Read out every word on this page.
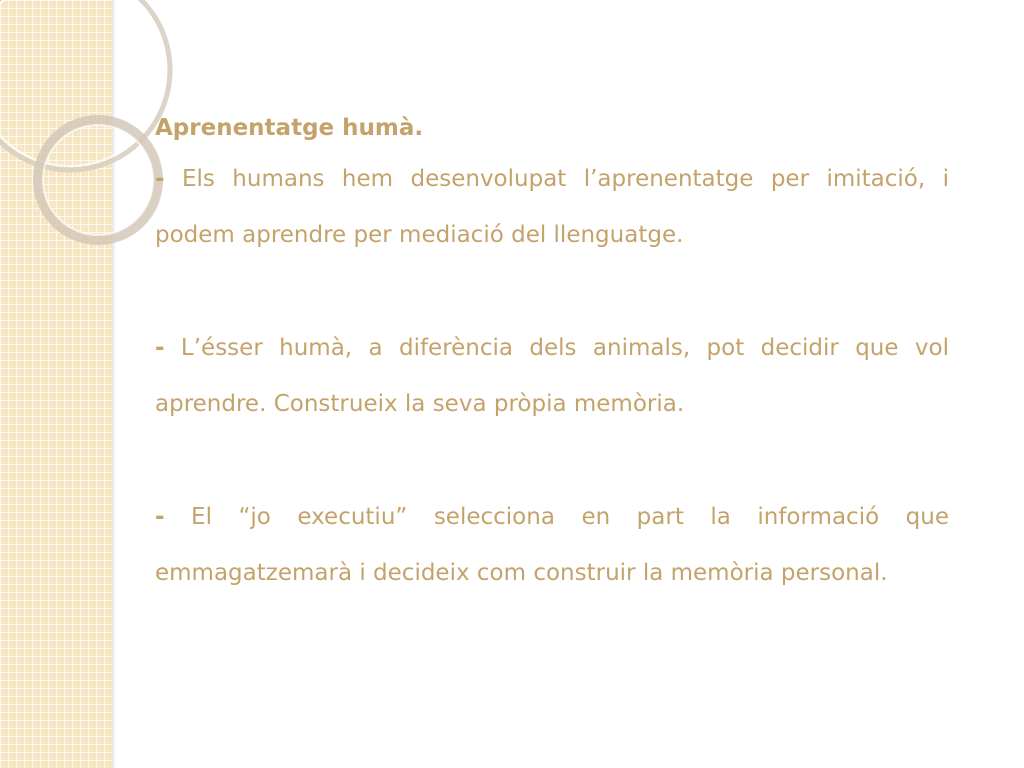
Aprenentatge humà.

- Els humans hem desenvolupat l’aprenentatge per imitació, i podem aprendre per mediació del llenguatge.

- L’ésser humà, a diferència dels animals, pot decidir que vol aprendre. Construeix la seva pròpia memòria.

- El “jo executiu” selecciona en part la informació que emmagatzemarà i decideix com construir la memòria personal.
